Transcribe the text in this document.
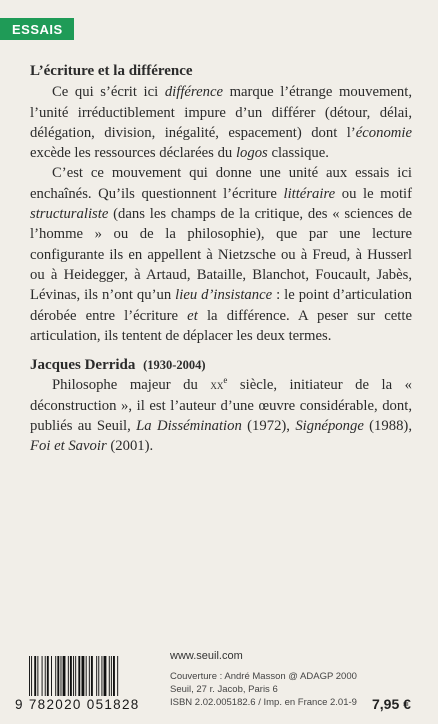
ESSAIS
L’écriture et la différence

Ce qui s’écrit ici différence marque l’étrange mouvement, l’unité irréductiblement impure d’un différer (détour, délai, délégation, division, inégalité, espacement) dont l’économie excède les ressources déclarées du logos classique.

C’est ce mouvement qui donne une unité aux essais ici enchaînés. Qu’ils questionnent l’écriture littéraire ou le motif structuraliste (dans les champs de la critique, des « sciences de l’homme » ou de la philosophie), que par une lecture configurante ils en appellent à Nietzsche ou à Freud, à Husserl ou à Heidegger, à Artaud, Bataille, Blanchot, Foucault, Jabès, Lévinas, ils n’ont qu’un lieu d’insistance : le point d’articulation dérobée entre l’écriture et la différence. A peser sur cette articulation, ils tentent de déplacer les deux termes.

Jacques Derrida (1930-2004)

Philosophe majeur du $xx^e$ siècle, initiateur de la « déconstruction », il est l’auteur d’une œuvre considérable, dont, publiés au Seuil, La Dissémination (1972), Signéponge (1988), Foi et Savoir (2001).

9 782020 051828
www.seuil.com
Couverture : André Masson @ ADAGP 2000
Seuil, 27 r. Jacob, Paris 6
ISBN 2.02.005182.6 / Imp. en France 2.01-9 7,95 €
